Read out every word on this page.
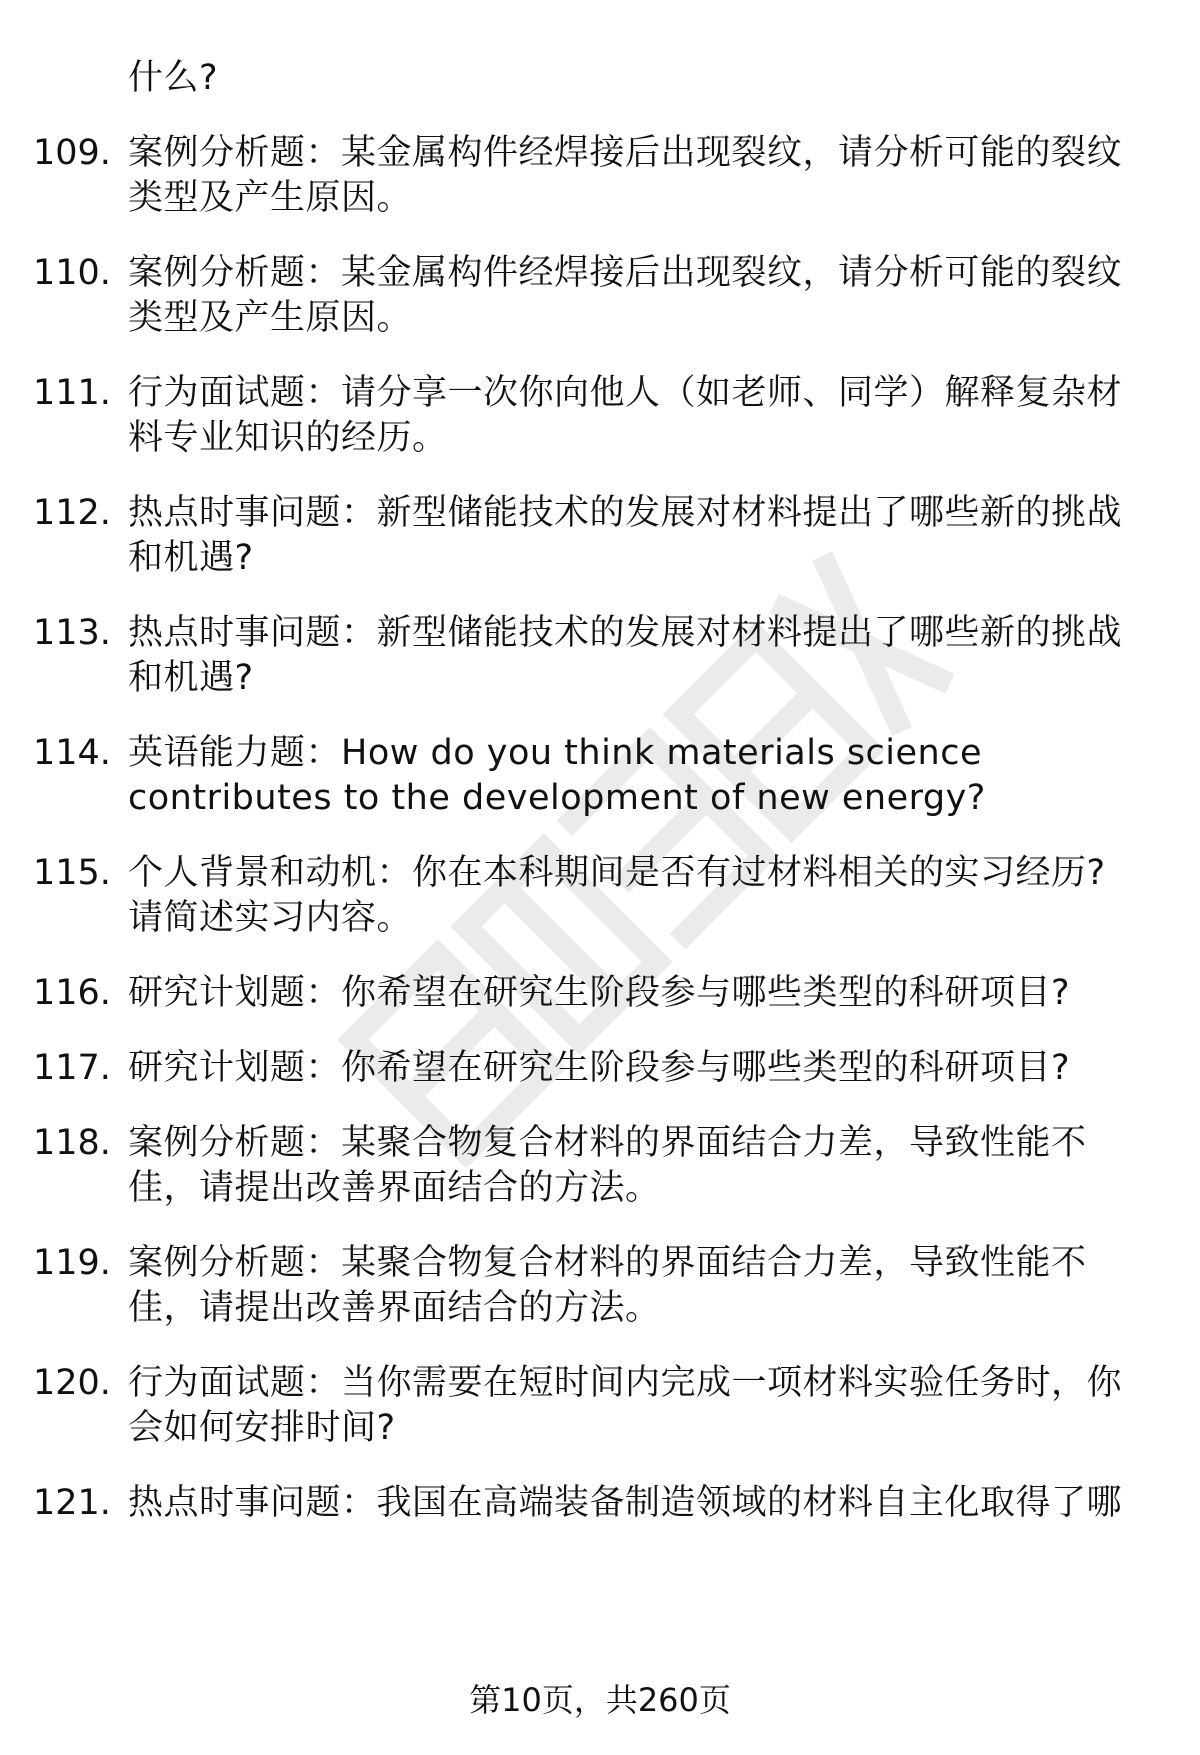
什么?
109. 案例分析题：某金属构件经焊接后出现裂纹，请分析可能的裂纹
类型及产生原因。
110. 案例分析题：某金属构件经焊接后出现裂纹，请分析可能的裂纹
类型及产生原因。
111. 行为面试题：请分享一次你向他人（如老师、同学）解释复杂材
料专业知识的经历。
112. 热点时事问题：新型储能技术的发展对材料提出了哪些新的挑战
和机遇?
113. 热点时事问题：新型储能技术的发展对材料提出了哪些新的挑战
和机遇?
114. 英语能力题：How do you think materials science
contributes to the development of new energy?
115. 个人背景和动机：你在本科期间是否有过材料相关的实习经历?
请简述实习内容。
116. 研究计划题：你希望在研究生阶段参与哪些类型的科研项目?
117. 研究计划题：你希望在研究生阶段参与哪些类型的科研项目?
118. 案例分析题：某聚合物复合材料的界面结合力差，导致性能不
佳，请提出改善界面结合的方法。
119. 案例分析题：某聚合物复合材料的界面结合力差，导致性能不
佳，请提出改善界面结合的方法。
120. 行为面试题：当你需要在短时间内完成一项材料实验任务时，你
会如何安排时间?
121. 热点时事问题：我国在高端装备制造领域的材料自主化取得了哪
第10页，共260页
